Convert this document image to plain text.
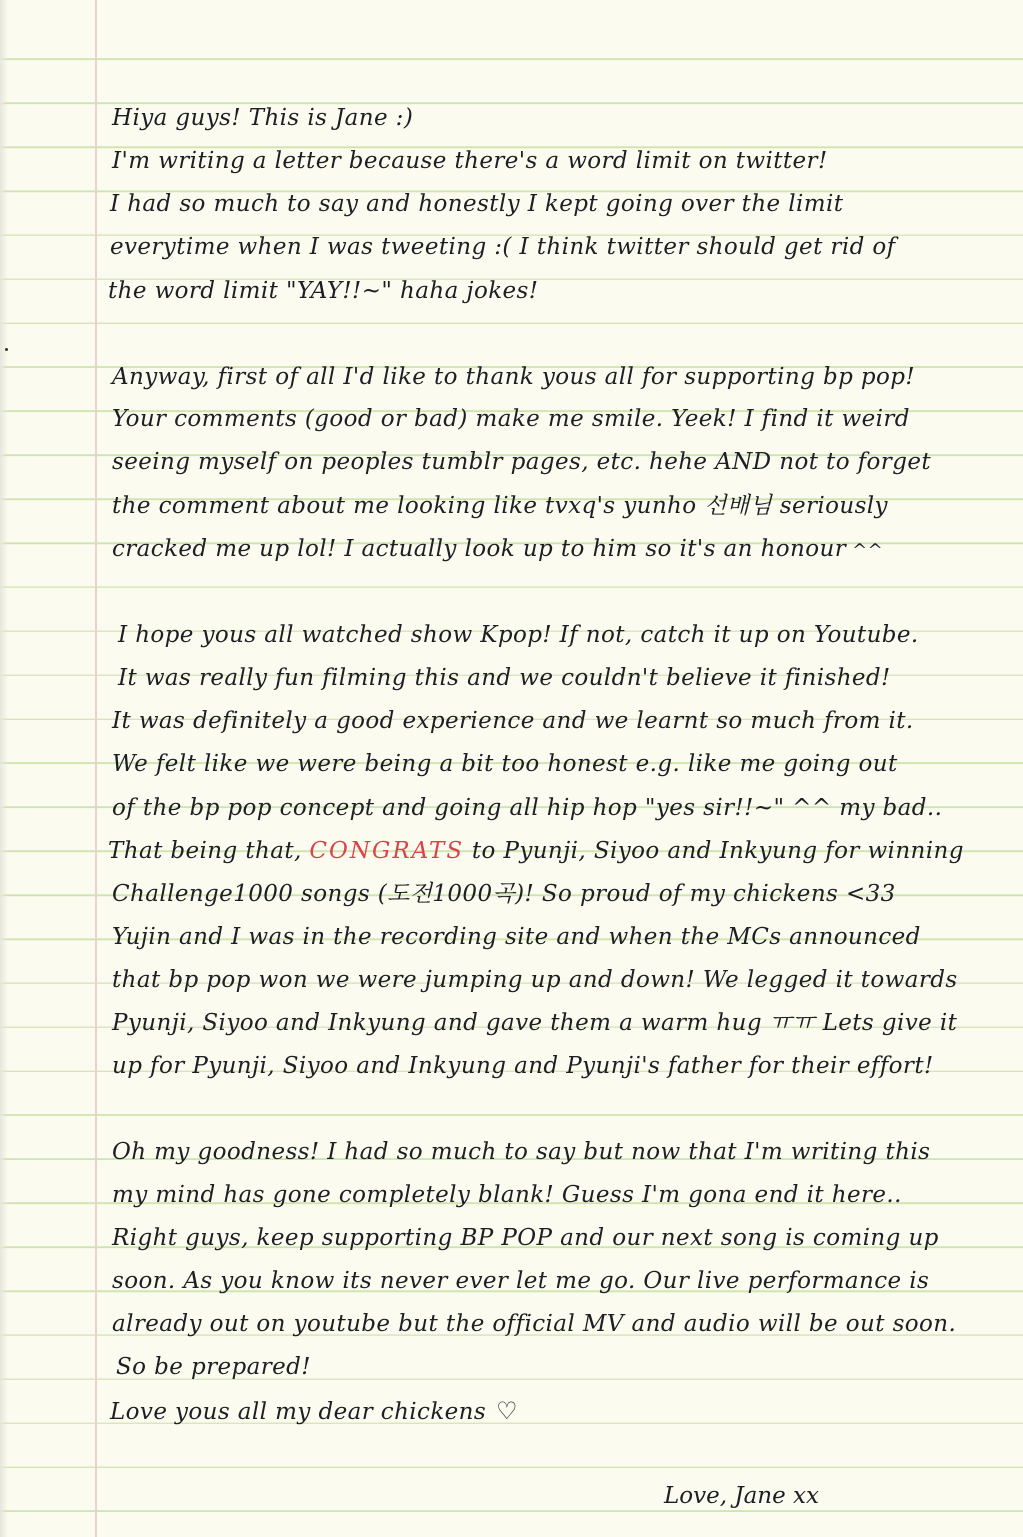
Hiya guys! This is Jane :)
I'm writing a letter because there's a word limit on twitter!
I had so much to say and honestly I kept going over the limit
everytime when I was tweeting :( I think twitter should get rid of
the word limit "YAY!!~" haha jokes!
Anyway, first of all I'd like to thank yous all for supporting bp pop!
Your comments (good or bad) make me smile. Yeek! I find it weird
seeing myself on peoples tumblr pages, etc. hehe AND not to forget
the comment about me looking like tvxq's yunho 선배님 seriously
cracked me up lol! I actually look up to him so it's an honour ^^
I hope yous all watched show Kpop! If not, catch it up on Youtube.
It was really fun filming this and we couldn't believe it finished!
It was definitely a good experience and we learnt so much from it.
We felt like we were being a bit too honest e.g. like me going out
of the bp pop concept and going all hip hop "yes sir!!~" ^^ my bad..
That being that, CONGRATS to Pyunji, Siyoo and Inkyung for winning
Challenge1000 songs (도전1000곡)! So proud of my chickens <33
Yujin and I was in the recording site and when the MCs announced
that bp pop won we were jumping up and down! We legged it towards
Pyunji, Siyoo and Inkyung and gave them a warm hug ㅠㅠ Lets give it
up for Pyunji, Siyoo and Inkyung and Pyunji's father for their effort!
Oh my goodness! I had so much to say but now that I'm writing this
my mind has gone completely blank! Guess I'm gona end it here..
Right guys, keep supporting BP POP and our next song is coming up
soon. As you know its never ever let me go. Our live performance is
already out on youtube but the official MV and audio will be out soon.
So be prepared!
Love yous all my dear chickens ♡
Love, Jane xx
